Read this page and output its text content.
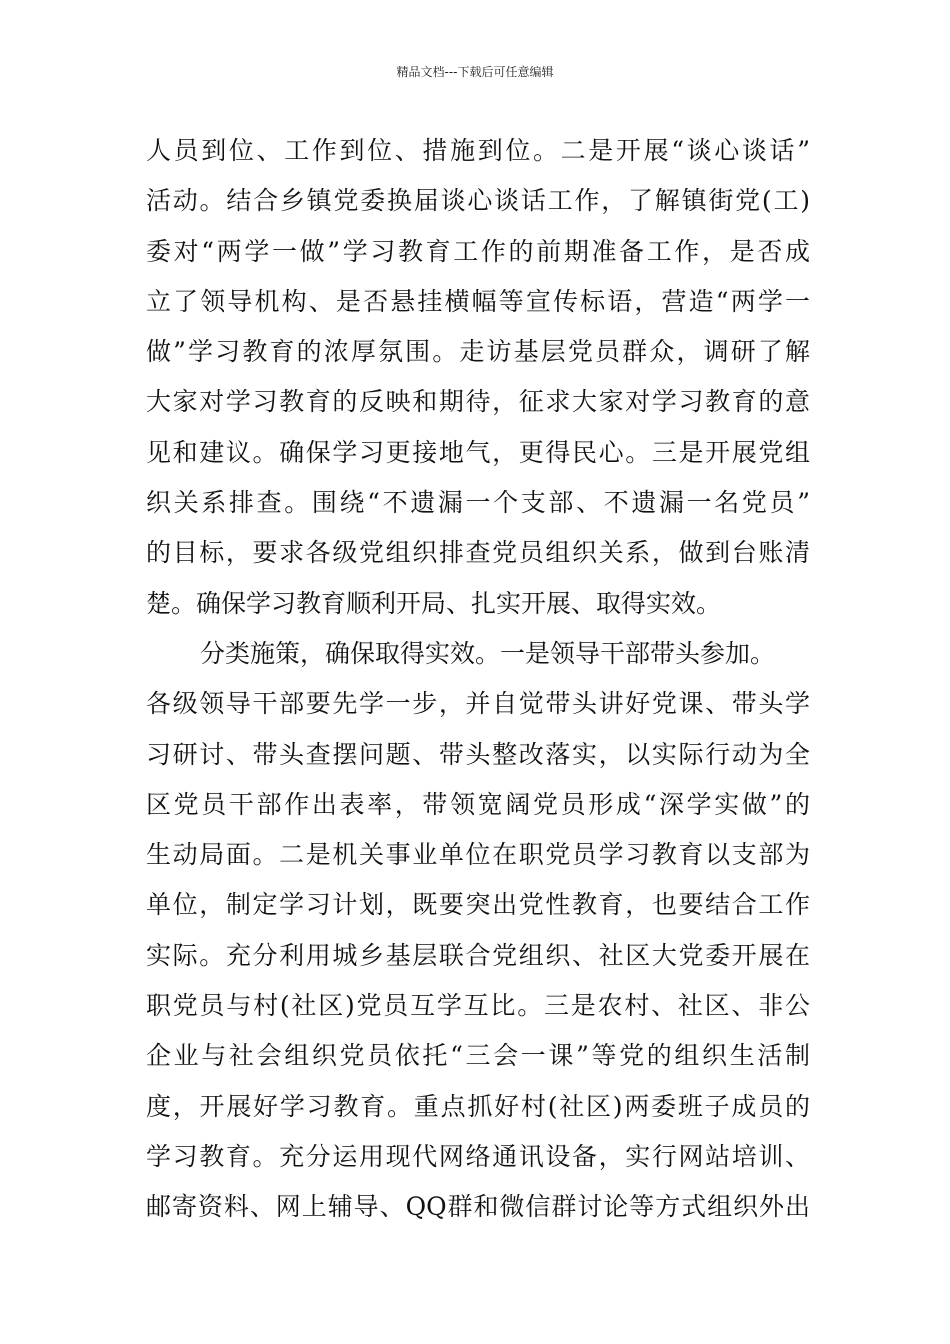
精品文档---下载后可任意编辑
人员到位、工作到位、措施到位。二是开展“谈心谈话”
活动。结合乡镇党委换届谈心谈话工作，了解镇街党(工)
委对“两学一做”学习教育工作的前期准备工作，是否成
立了领导机构、是否悬挂横幅等宣传标语，营造“两学一
做”学习教育的浓厚氛围。走访基层党员群众，调研了解
大家对学习教育的反映和期待，征求大家对学习教育的意
见和建议。确保学习更接地气，更得民心。三是开展党组
织关系排查。围绕“不遗漏一个支部、不遗漏一名党员”
的目标，要求各级党组织排查党员组织关系，做到台账清
楚。确保学习教育顺利开局、扎实开展、取得实效。
分类施策，确保取得实效。一是领导干部带头参加。
各级领导干部要先学一步，并自觉带头讲好党课、带头学
习研讨、带头查摆问题、带头整改落实，以实际行动为全
区党员干部作出表率，带领宽阔党员形成“深学实做”的
生动局面。二是机关事业单位在职党员学习教育以支部为
单位，制定学习计划，既要突出党性教育，也要结合工作
实际。充分利用城乡基层联合党组织、社区大党委开展在
职党员与村(社区)党员互学互比。三是农村、社区、非公
企业与社会组织党员依托“三会一课”等党的组织生活制
度，开展好学习教育。重点抓好村(社区)两委班子成员的
学习教育。充分运用现代网络通讯设备，实行网站培训、
邮寄资料、网上辅导、QQ群和微信群讨论等方式组织外出
